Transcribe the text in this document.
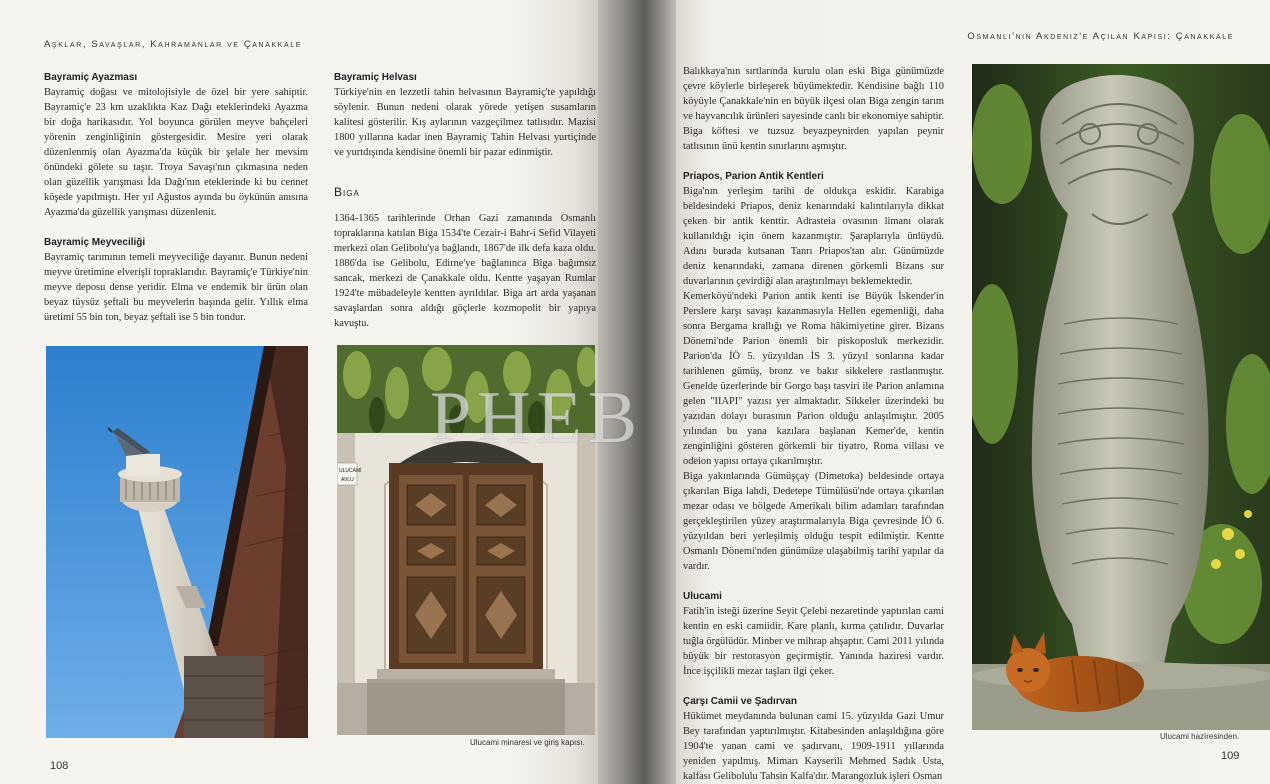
Aşklar, Savaşlar, Kahramanlar ve Çanakkale
Bayramiç Ayazması

Bayramiç doğası ve mitolojisiyle de özel bir yere sahiptir. Bayramiç'e 23 km uzaklıkta Kaz Dağı eteklerindeki Ayazma bir doğa harikasıdır. Yol boyunca görülen meyve bahçeleri yörenin zenginliğinin göstergesidir. Mesire yeri olarak düzenlenmiş olan Ayazma'da küçük bir şelale her mevsim önündeki gölete su taşır. Troya Savaşı'nın çıkmasına neden olan güzellik yarışması İda Dağı'nın eteklerinde ki bu cennet köşede yapılmıştı. Her yıl Ağustos ayında bu öykünün anısına Ayazma'da güzellik yarışması düzenlenir.

Bayramiç Meyveciliği

Bayramiç tarımının temeli meyveciliğe dayanır. Bunun nedeni meyve üretimine elverişli topraklarıdır. Bayramiç'e Türkiye'nin meyve deposu dense yeridir. Elma ve endemik bir ürün olan beyaz tüysüz şeftali bu meyvelerin başında gelir. Yıllık elma üretimi 55 bin ton, beyaz şeftali ise 5 bin tondur.

Bayramiç Helvası

Türkiye'nin en lezzetli tahin helvasının Bayramiç'te yapıldığı söylenir. Bunun nedeni olarak yörede yetişen susamların kalitesi gösterilir. Kış aylarının vazgeçilmez tatlısıdır. Mazisi 1800 yıllarına kadar inen Bayramiç Tahin Helvası yurtiçinde ve yurtdışında kendisine önemli bir pazar edinmiştir.

Biga

1364-1365 tarihlerinde Orhan Gazi zamanında Osmanlı topraklarına katılan Biga 1534'te Cezair-i Bahr-i Sefid Vilayeti merkezi olan Gelibolu'ya bağlandı, 1867'de ilk defa kaza oldu. 1886'da ise Gelibolu, Edirne'ye bağlanınca Biga bağımsız sancak, merkezi de Çanakkale oldu. Kentte yaşayan Rumlar 1924'te mübadeleyle kentten ayrıldılar. Biga art arda yaşanan savaşlardan sonra aldığı göçlerle kozmopolit bir yapıya kavuştu.

ULUCAMİ
AVLU
Ulucami minaresi ve giriş kapısı.
108
Osmanlı'nın Akdeniz'e Açılan Kapısı: Çanakkale

Balıkkaya'nın sırtlarında kurulu olan eski Biga günümüzde çevre köylerle birleşerek büyümektedir. Kendisine bağlı 110 köyüyle Çanakkale'nin en büyük ilçesi olan Biga zengin tarım ve hayvancılık ürünleri sayesinde canlı bir ekonomiye sahiptir. Biga köftesi ve tuzsuz beyazpeynirden yapılan peynir tatlısının ünü kentin sınırlarını aşmıştır.

Priapos, Parion Antik Kentleri

Biga'nın yerleşim tarihi de oldukça eskidir. Karabiga beldesindeki Priapos, deniz kenarındaki kalıntılarıyla dikkat çeken bir antik kenttir. Adrasteia ovasının limanı olarak kullanıldığı için önem kazanmıştır. Şaraplarıyla ünlüydü. Adını burada kutsanan Tanrı Priapos'tan alır. Günümüzde deniz kenarındaki, zamana direnen görkemli Bizans sur duvarlarının çevirdiği alan araştırılmayı beklemektedir.

Kemerköyü'ndeki Parion antik kenti ise Büyük İskender'in Perslere karşı savaşı kazanmasıyla Hellen egemenliği, daha sonra Bergama krallığı ve Roma hâkimiyetine girer. Bizans Dönemi'nde Parion önemli bir piskoposluk merkezidir. Parion'da İÖ 5. yüzyıldan İS 3. yüzyıl sonlarına kadar tarihlenen gümüş, bronz ve bakır sikkelere rastlanmıştır. Genelde üzerlerinde bir Gorgo başı tasviri ile Parion anlamına gelen "IIAPI" yazısı yer almaktadır. Sikkeler üzerindeki bu yazıdan dolayı burasının Parion olduğu anlaşılmıştır. 2005 yılından bu yana kazılara başlanan Kemer'de, kentin zenginliğini gösteren görkemli bir tiyatro, Roma villası ve odeion yapısı ortaya çıkarılmıştır.

Biga yakınlarında Gümüşçay (Dimetoka) beldesinde ortaya çıkarılan Biga lahdi, Dedetepe Tümülüsü'nde ortaya çıkarılan mezar odası ve bölgede Amerikalı bilim adamları tarafından gerçekleştirilen yüzey araştırmalarıyla Biga çevresinde İÖ 6. yüzyıldan beri yerleşilmiş olduğu tespit edilmiştir. Kentte Osmanlı Dönemi'nden günümüze ulaşabilmiş tarihî yapılar da vardır.

Ulucami

Fatih'in isteği üzerine Seyit Çelebi nezaretinde yaptırılan cami kentin en eski camiidir. Kare planlı, kırma çatılıdır. Duvarlar tuğla örgülüdür. Minber ve mihrap ahşaptır. Cami 2011 yılında büyük bir restorasyon geçirmiştir. Yanında hazìresi vardır. İnce işçilikli mezar taşları ilgi çeker.

Çarşı Camii ve Şadırvan

Hükümet meydanında bulunan cami 15. yüzyılda Gazi Umur Bey tarafından yaptırılmıştır. Kitabesinden anlaşıldığına göre 1904'te yanan cami ve şadırvanı, 1909-1911 yıllarında yeniden yapılmış. Mimarı Kayserili Mehmed Sadık Usta, kalfası Gelibolulu Tahsin Kalfa'dır. Marangozluk işleri Osman

Ulucami hazìresinden.
109
PHEB
